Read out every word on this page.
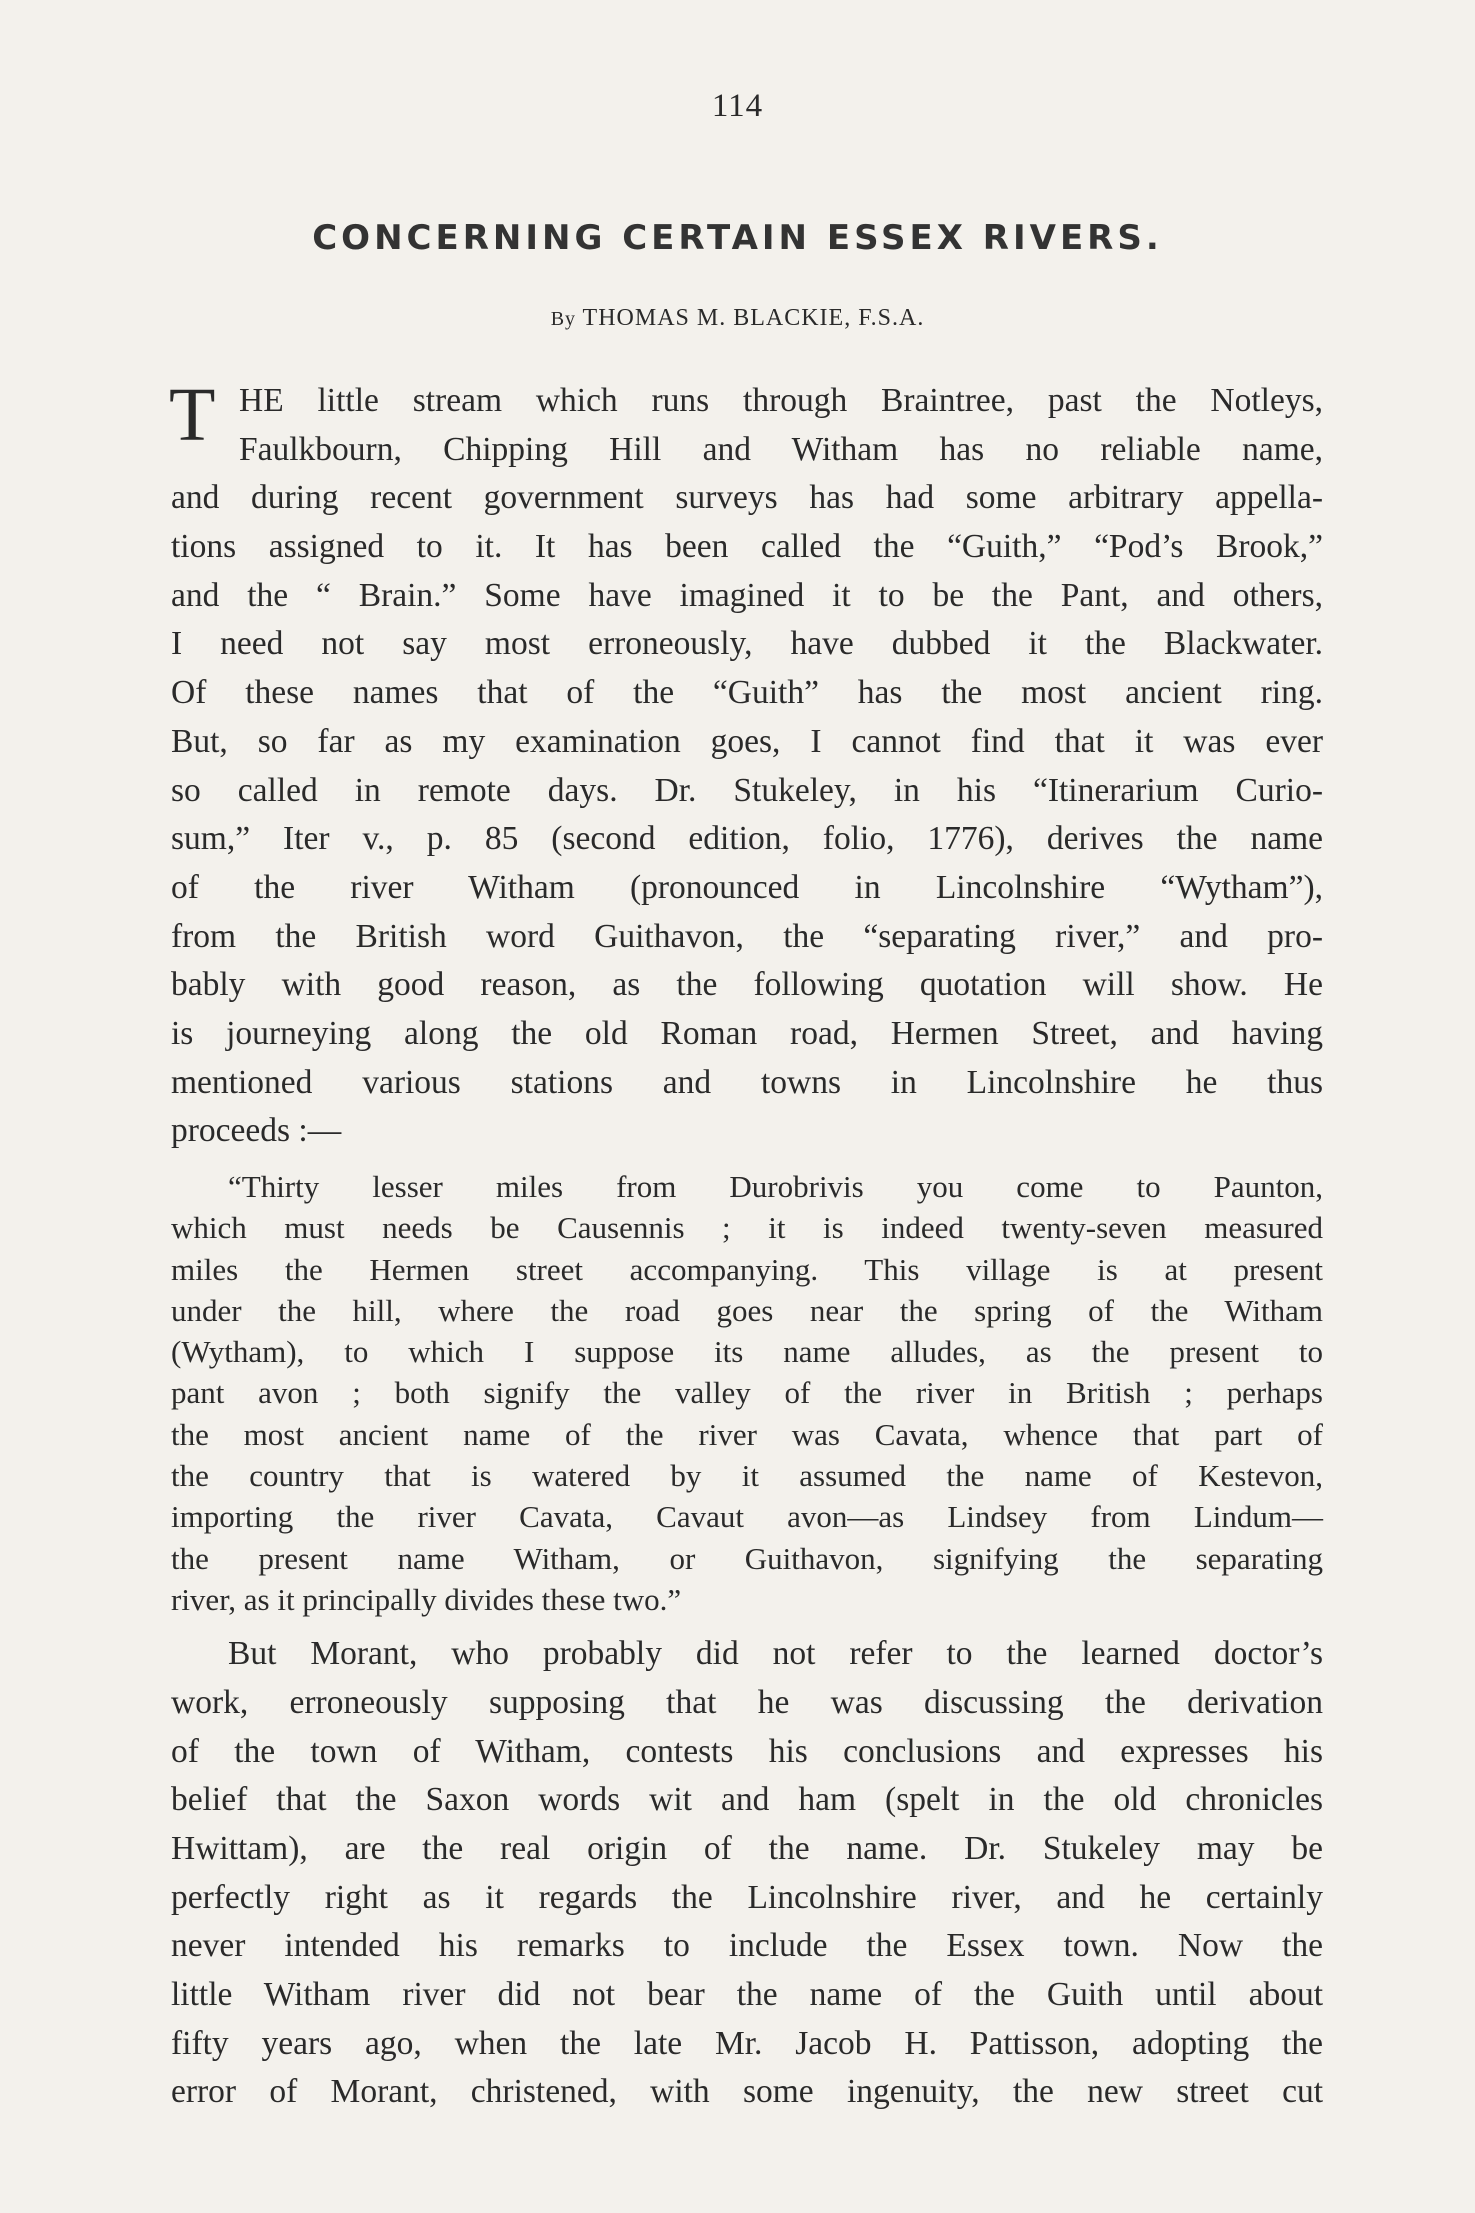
114
CONCERNING CERTAIN ESSEX RIVERS.
By THOMAS M. BLACKIE, F.S.A.
T HE little stream which runs through Braintree, past the Notleys,
Faulkbourn, Chipping Hill and Witham has no reliable name,
and during recent government surveys has had some arbitrary appella-
tions assigned to it. It has been called the “Guith,” “Pod’s Brook,”
and the “ Brain.” Some have imagined it to be the Pant, and others,
I need not say most erroneously, have dubbed it the Blackwater.
Of these names that of the “Guith” has the most ancient ring.
But, so far as my examination goes, I cannot find that it was ever
so called in remote days. Dr. Stukeley, in his “Itinerarium Curio-
sum,” Iter v., p. 85 (second edition, folio, 1776), derives the name
of the river Witham (pronounced in Lincolnshire “Wytham”),
from the British word Guithavon, the “separating river,” and pro-
bably with good reason, as the following quotation will show. He
is journeying along the old Roman road, Hermen Street, and having
mentioned various stations and towns in Lincolnshire he thus
proceeds :—
“Thirty lesser miles from Durobrivis you come to Paunton,
which must needs be Causennis ; it is indeed twenty-seven measured
miles the Hermen street accompanying. This village is at present
under the hill, where the road goes near the spring of the Witham
(Wytham), to which I suppose its name alludes, as the present to
pant avon ; both signify the valley of the river in British ; perhaps
the most ancient name of the river was Cavata, whence that part of
the country that is watered by it assumed the name of Kestevon,
importing the river Cavata, Cavaut avon—as Lindsey from Lindum—
the present name Witham, or Guithavon, signifying the separating
river, as it principally divides these two.”
But Morant, who probably did not refer to the learned doctor’s
work, erroneously supposing that he was discussing the derivation
of the town of Witham, contests his conclusions and expresses his
belief that the Saxon words wit and ham (spelt in the old chronicles
Hwittam), are the real origin of the name. Dr. Stukeley may be
perfectly right as it regards the Lincolnshire river, and he certainly
never intended his remarks to include the Essex town. Now the
little Witham river did not bear the name of the Guith until about
fifty years ago, when the late Mr. Jacob H. Pattisson, adopting the
error of Morant, christened, with some ingenuity, the new street cut
